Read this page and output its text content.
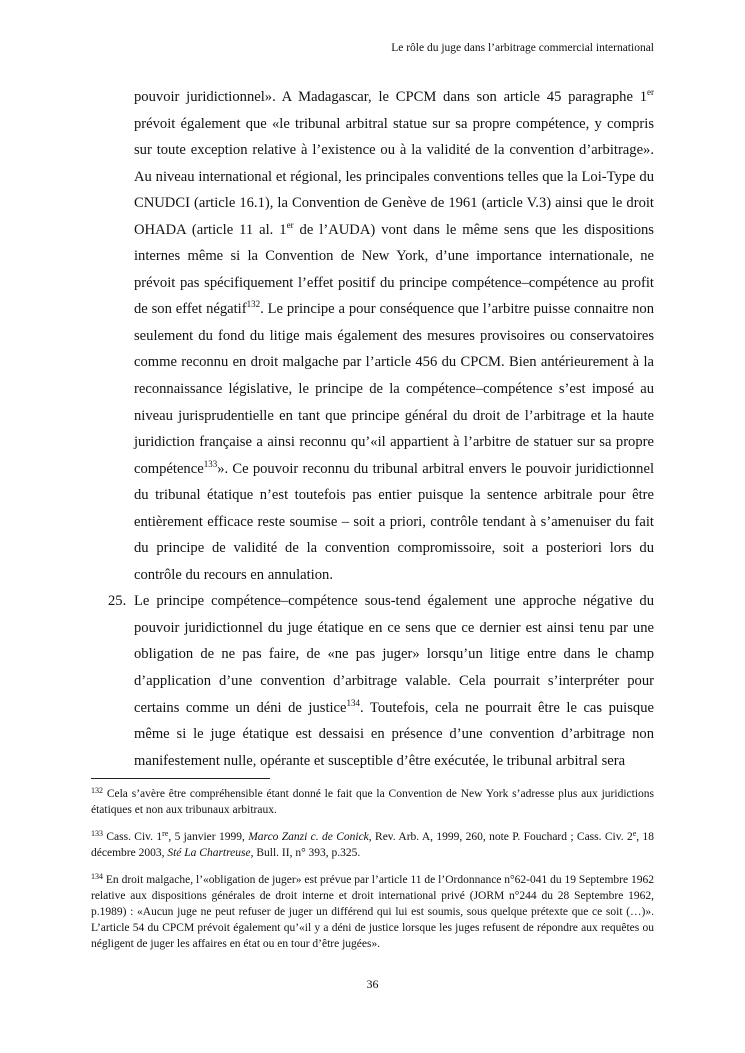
Le rôle du juge dans l’arbitrage commercial international

pouvoir juridictionnel». A Madagascar, le CPCM dans son article 45 paragraphe 1er prévoit également que «le tribunal arbitral statue sur sa propre compétence, y compris sur toute exception relative à l’existence ou à la validité de la convention d’arbitrage». Au niveau international et régional, les principales conventions telles que la Loi-Type du CNUDCI (article 16.1), la Convention de Genève de 1961 (article V.3) ainsi que le droit OHADA (article 11 al. 1er de l’AUDA) vont dans le même sens que les dispositions internes même si la Convention de New York, d’une importance internationale, ne prévoit pas spécifiquement l’effet positif du principe compétence–compétence au profit de son effet négatif$^{132}$. Le principe a pour conséquence que l’arbitre puisse connaitre non seulement du fond du litige mais également des mesures provisoires ou conservatoires comme reconnu en droit malgache par l’article 456 du CPCM. Bien antérieurement à la reconnaissance législative, le principe de la compétence–compétence s’est imposé au niveau jurisprudentielle en tant que principe général du droit de l’arbitrage et la haute juridiction française a ainsi reconnu qu’«il appartient à l’arbitre de statuer sur sa propre compétence$^{133}$». Ce pouvoir reconnu du tribunal arbitral envers le pouvoir juridictionnel du tribunal étatique n’est toutefois pas entier puisque la sentence arbitrale pour être entièrement efficace reste soumise – soit a priori, contrôle tendant à s’amenuiser du fait du principe de validité de la convention compromissoire, soit a posteriori lors du contrôle du recours en annulation.

25. Le principe compétence–compétence sous-tend également une approche négative du pouvoir juridictionnel du juge étatique en ce sens que ce dernier est ainsi tenu par une obligation de ne pas faire, de «ne pas juger» lorsqu’un litige entre dans le champ d’application d’une convention d’arbitrage valable. Cela pourrait s’interpréter pour certains comme un déni de justice$^{134}$. Toutefois, cela ne pourrait être le cas puisque même si le juge étatique est dessaisi en présence d’une convention d’arbitrage non manifestement nulle, opérante et susceptible d’être exécutée, le tribunal arbitral sera

$^{132}$ Cela s’avère être compréhensible étant donné le fait que la Convention de New York s’adresse plus aux juridictions étatiques et non aux tribunaux arbitraux.

$^{133}$ Cass. Civ. 1re, 5 janvier 1999, Marco Zanzi c. de Conick, Rev. Arb. A, 1999, 260, note P. Fouchard ; Cass. Civ. 2e, 18 décembre 2003, Sté La Chartreuse, Bull. II, n° 393, p.325.

$^{134}$ En droit malgache, l’«obligation de juger» est prévue par l’article 11 de l’Ordonnance n°62-041 du 19 Septembre 1962 relative aux dispositions générales de droit interne et droit international privé (JORM n°244 du 28 Septembre 1962, p.1989) : «Aucun juge ne peut refuser de juger un différend qui lui est soumis, sous quelque prétexte que ce soit (…)». L’article 54 du CPCM prévoit également qu’«il y a déni de justice lorsque les juges refusent de répondre aux requêtes ou négligent de juger les affaires en état ou en tour d’être jugées».

36
